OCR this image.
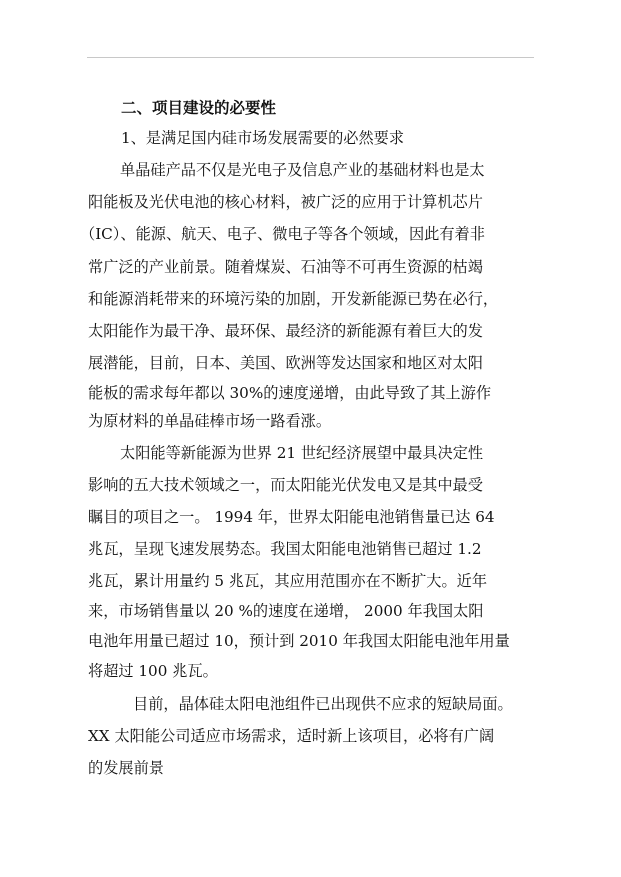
二、项目建设的必要性
1、是满足国内硅市场发展需要的必然要求
单晶硅产品不仅是光电子及信息产业的基础材料也是太
阳能板及光伏电池的核心材料，被广泛的应用于计算机芯片
（IC）、能源、航天、电子、微电子等各个领域，因此有着非
常广泛的产业前景。随着煤炭、石油等不可再生资源的枯竭
和能源消耗带来的环境污染的加剧，开发新能源已势在必行，
太阳能作为最干净、最环保、最经济的新能源有着巨大的发
展潜能，目前，日本、美国、欧洲等发达国家和地区对太阳
能板的需求每年都以 30%的速度递增，由此导致了其上游作
为原材料的单晶硅棒市场一路看涨。
太阳能等新能源为世界 21 世纪经济展望中最具决定性
影响的五大技术领域之一，而太阳能光伏发电又是其中最受
瞩目的项目之一。 1994 年，世界太阳能电池销售量已达 64
兆瓦，呈现飞速发展势态。我国太阳能电池销售已超过 1.2
兆瓦，累计用量约 5 兆瓦，其应用范围亦在不断扩大。近年
来，市场销售量以 20 %的速度在递增， 2000 年我国太阳
电池年用量已超过 10，预计到 2010 年我国太阳能电池年用量
将超过 100 兆瓦。
目前，晶体硅太阳电池组件已出现供不应求的短缺局面。
XX 太阳能公司适应市场需求，适时新上该项目，必将有广阔
的发展前景
